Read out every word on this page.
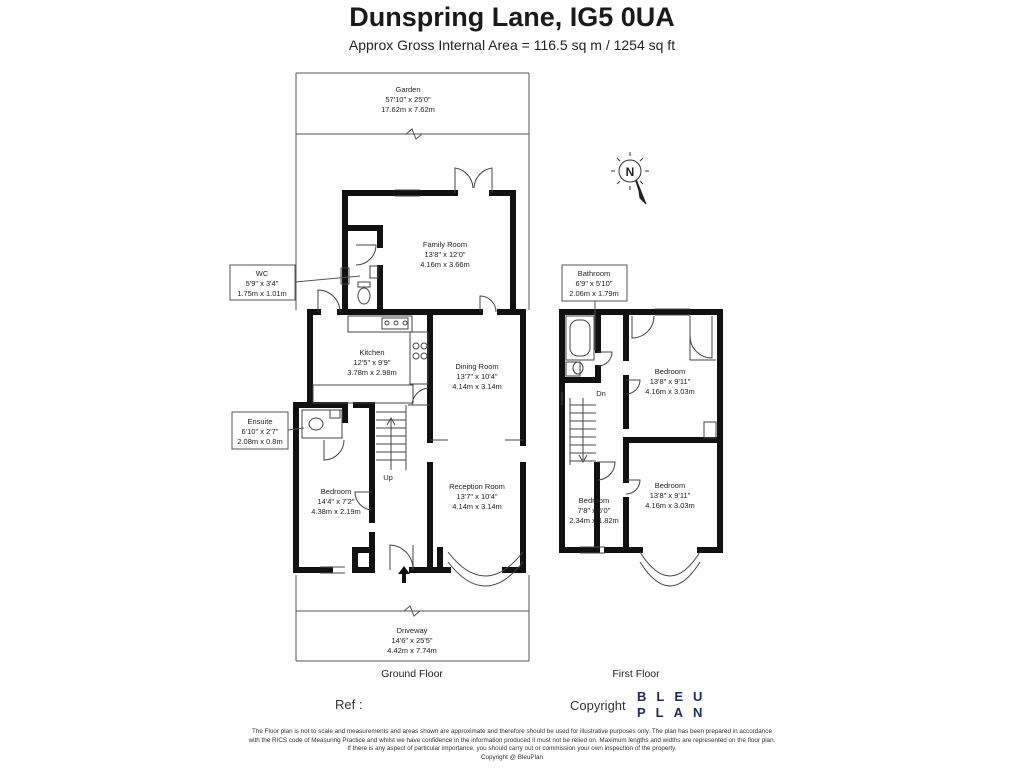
Dunspring Lane, IG5 0UA
Approx Gross Internal Area = 116.5 sq m / 1254 sq ft
N
Garden
57'10" x 25'0"
17.62m x 7.62m
Family Room
13'8" x 12'0"
4.16m x 3.66m
WC
5'9" x 3'4"
1.75m x 1.01m
Kitchen
12'5" x 9'9"
3.78m x 2.98m
Dining Room
13'7" x 10'4"
4.14m x 3.14m
Ensuite
6'10" x 2'7"
2.08m x 0.8m
Bedroom
14'4" x 7'2"
4.38m x 2.19m
Reception Room
13'7" x 10'4"
4.14m x 3.14m
Up
Driveway
14'6" x 25'5"
4.42m x 7.74m
Bathroom
6'9" x 5'10"
2.06m x 1.79m
Dn
Bedroom
13'8" x 9'11"
4.16m x 3.03m
Bedroom
7'8" x 6'0"
2.34m x 1.82m
Bedroom
13'8" x 9'11"
4.16m x 3.03m
Ground Floor	First Floor
Ref :	Copyright
BLEU
PLAN
The Floor plan is not to scale and measurements and areas shown are approximate and therefore should be used for illustrative purposes only. The plan has been prepared in accordance
with the RICS code of Measuring Practice and whilst we have confidence in the information produced it must not be relied on. Maximum lengths and widths are represented on the floor plan.
If there is any aspect of particular importance, you should carry out or commission your own inspection of the property.
Copyright @ BleuPlan
